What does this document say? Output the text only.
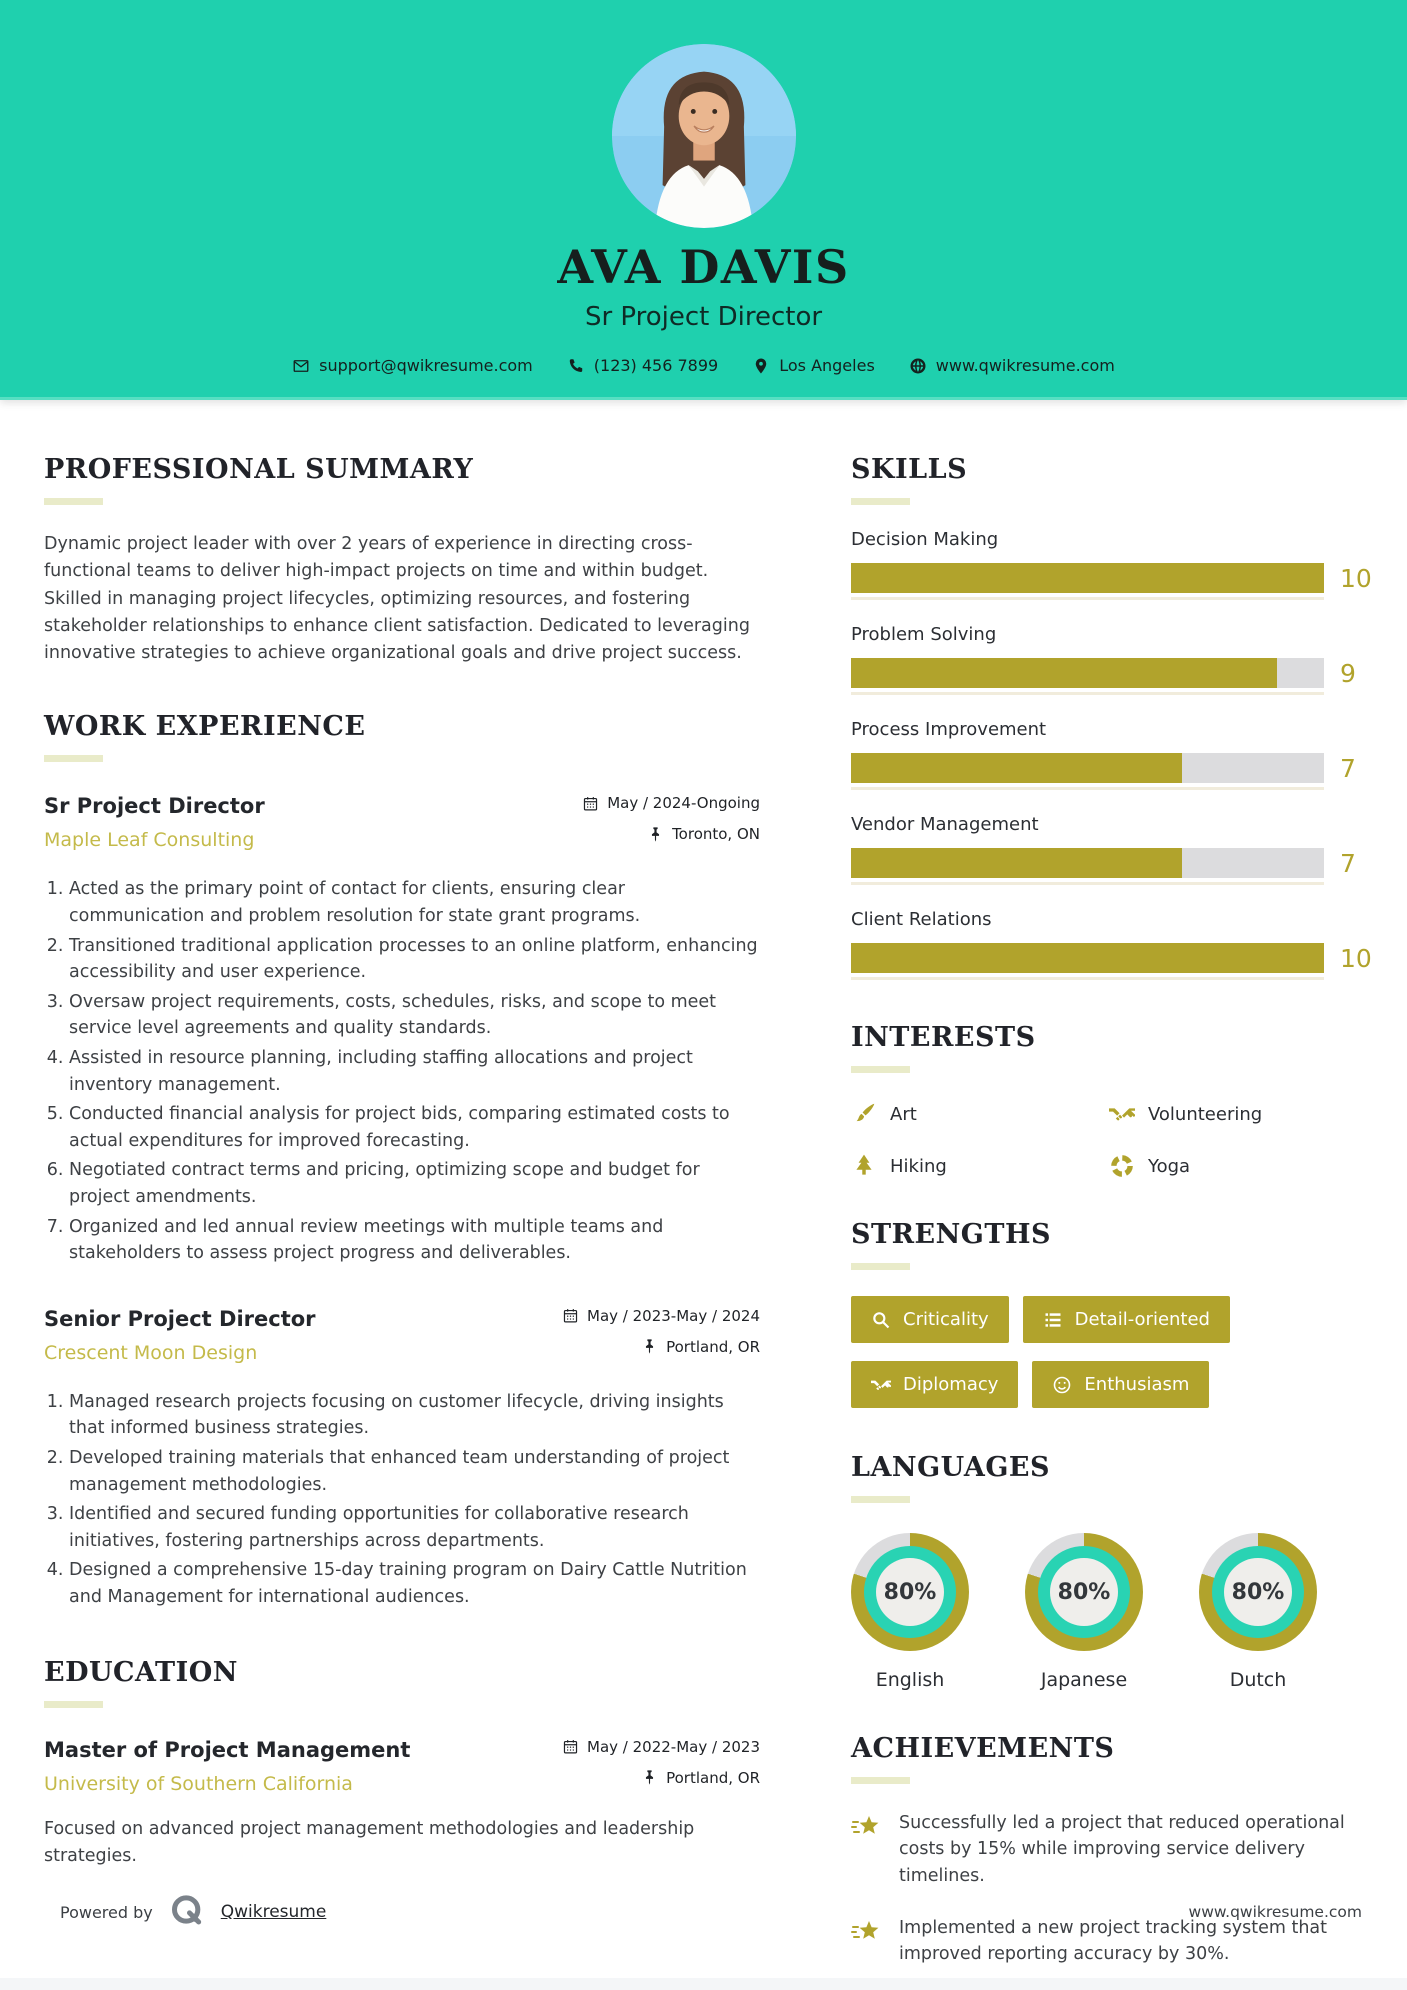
AVA DAVIS
Sr Project Director
support@qwikresume.com	(123) 456 7899	Los Angeles	www.qwikresume.com
PROFESSIONAL SUMMARY

Dynamic project leader with over 2 years of experience in directing cross-functional teams to deliver high-impact projects on time and within budget. Skilled in managing project lifecycles, optimizing resources, and fostering stakeholder relationships to enhance client satisfaction. Dedicated to leveraging innovative strategies to achieve organizational goals and drive project success.

WORK EXPERIENCE
Sr Project Director
Maple Leaf Consulting
May / 2024-Ongoing
Toronto, ON
1. Acted as the primary point of contact for clients, ensuring clear communication and problem resolution for state grant programs.
2. Transitioned traditional application processes to an online platform, enhancing accessibility and user experience.
3. Oversaw project requirements, costs, schedules, risks, and scope to meet service level agreements and quality standards.
4. Assisted in resource planning, including staffing allocations and project inventory management.
5. Conducted financial analysis for project bids, comparing estimated costs to actual expenditures for improved forecasting.
6. Negotiated contract terms and pricing, optimizing scope and budget for project amendments.
7. Organized and led annual review meetings with multiple teams and stakeholders to assess project progress and deliverables.
Senior Project Director
Crescent Moon Design
May / 2023-May / 2024
Portland, OR
1. Managed research projects focusing on customer lifecycle, driving insights that informed business strategies.
2. Developed training materials that enhanced team understanding of project management methodologies.
3. Identified and secured funding opportunities for collaborative research initiatives, fostering partnerships across departments.
4. Designed a comprehensive 15-day training program on Dairy Cattle Nutrition and Management for international audiences.
EDUCATION
Master of Project Management
University of Southern California
May / 2022-May / 2023
Portland, OR
Focused on advanced project management methodologies and leadership strategies.
SKILLS
Decision Making
10
Problem Solving
9
Process Improvement
7
Vendor Management
7
Client Relations
10
INTERESTS
Art	Volunteering
Hiking	Yoga
STRENGTHS
Criticality	Detail-oriented
Diplomacy	Enthusiasm
LANGUAGES
80%
English
80%
Japanese
80%
Dutch
ACHIEVEMENTS
Successfully led a project that reduced operational costs by 15% while improving service delivery timelines.
Implemented a new project tracking system that improved reporting accuracy by 30%.
Powered by	Qwikresume	www.qwikresume.com
